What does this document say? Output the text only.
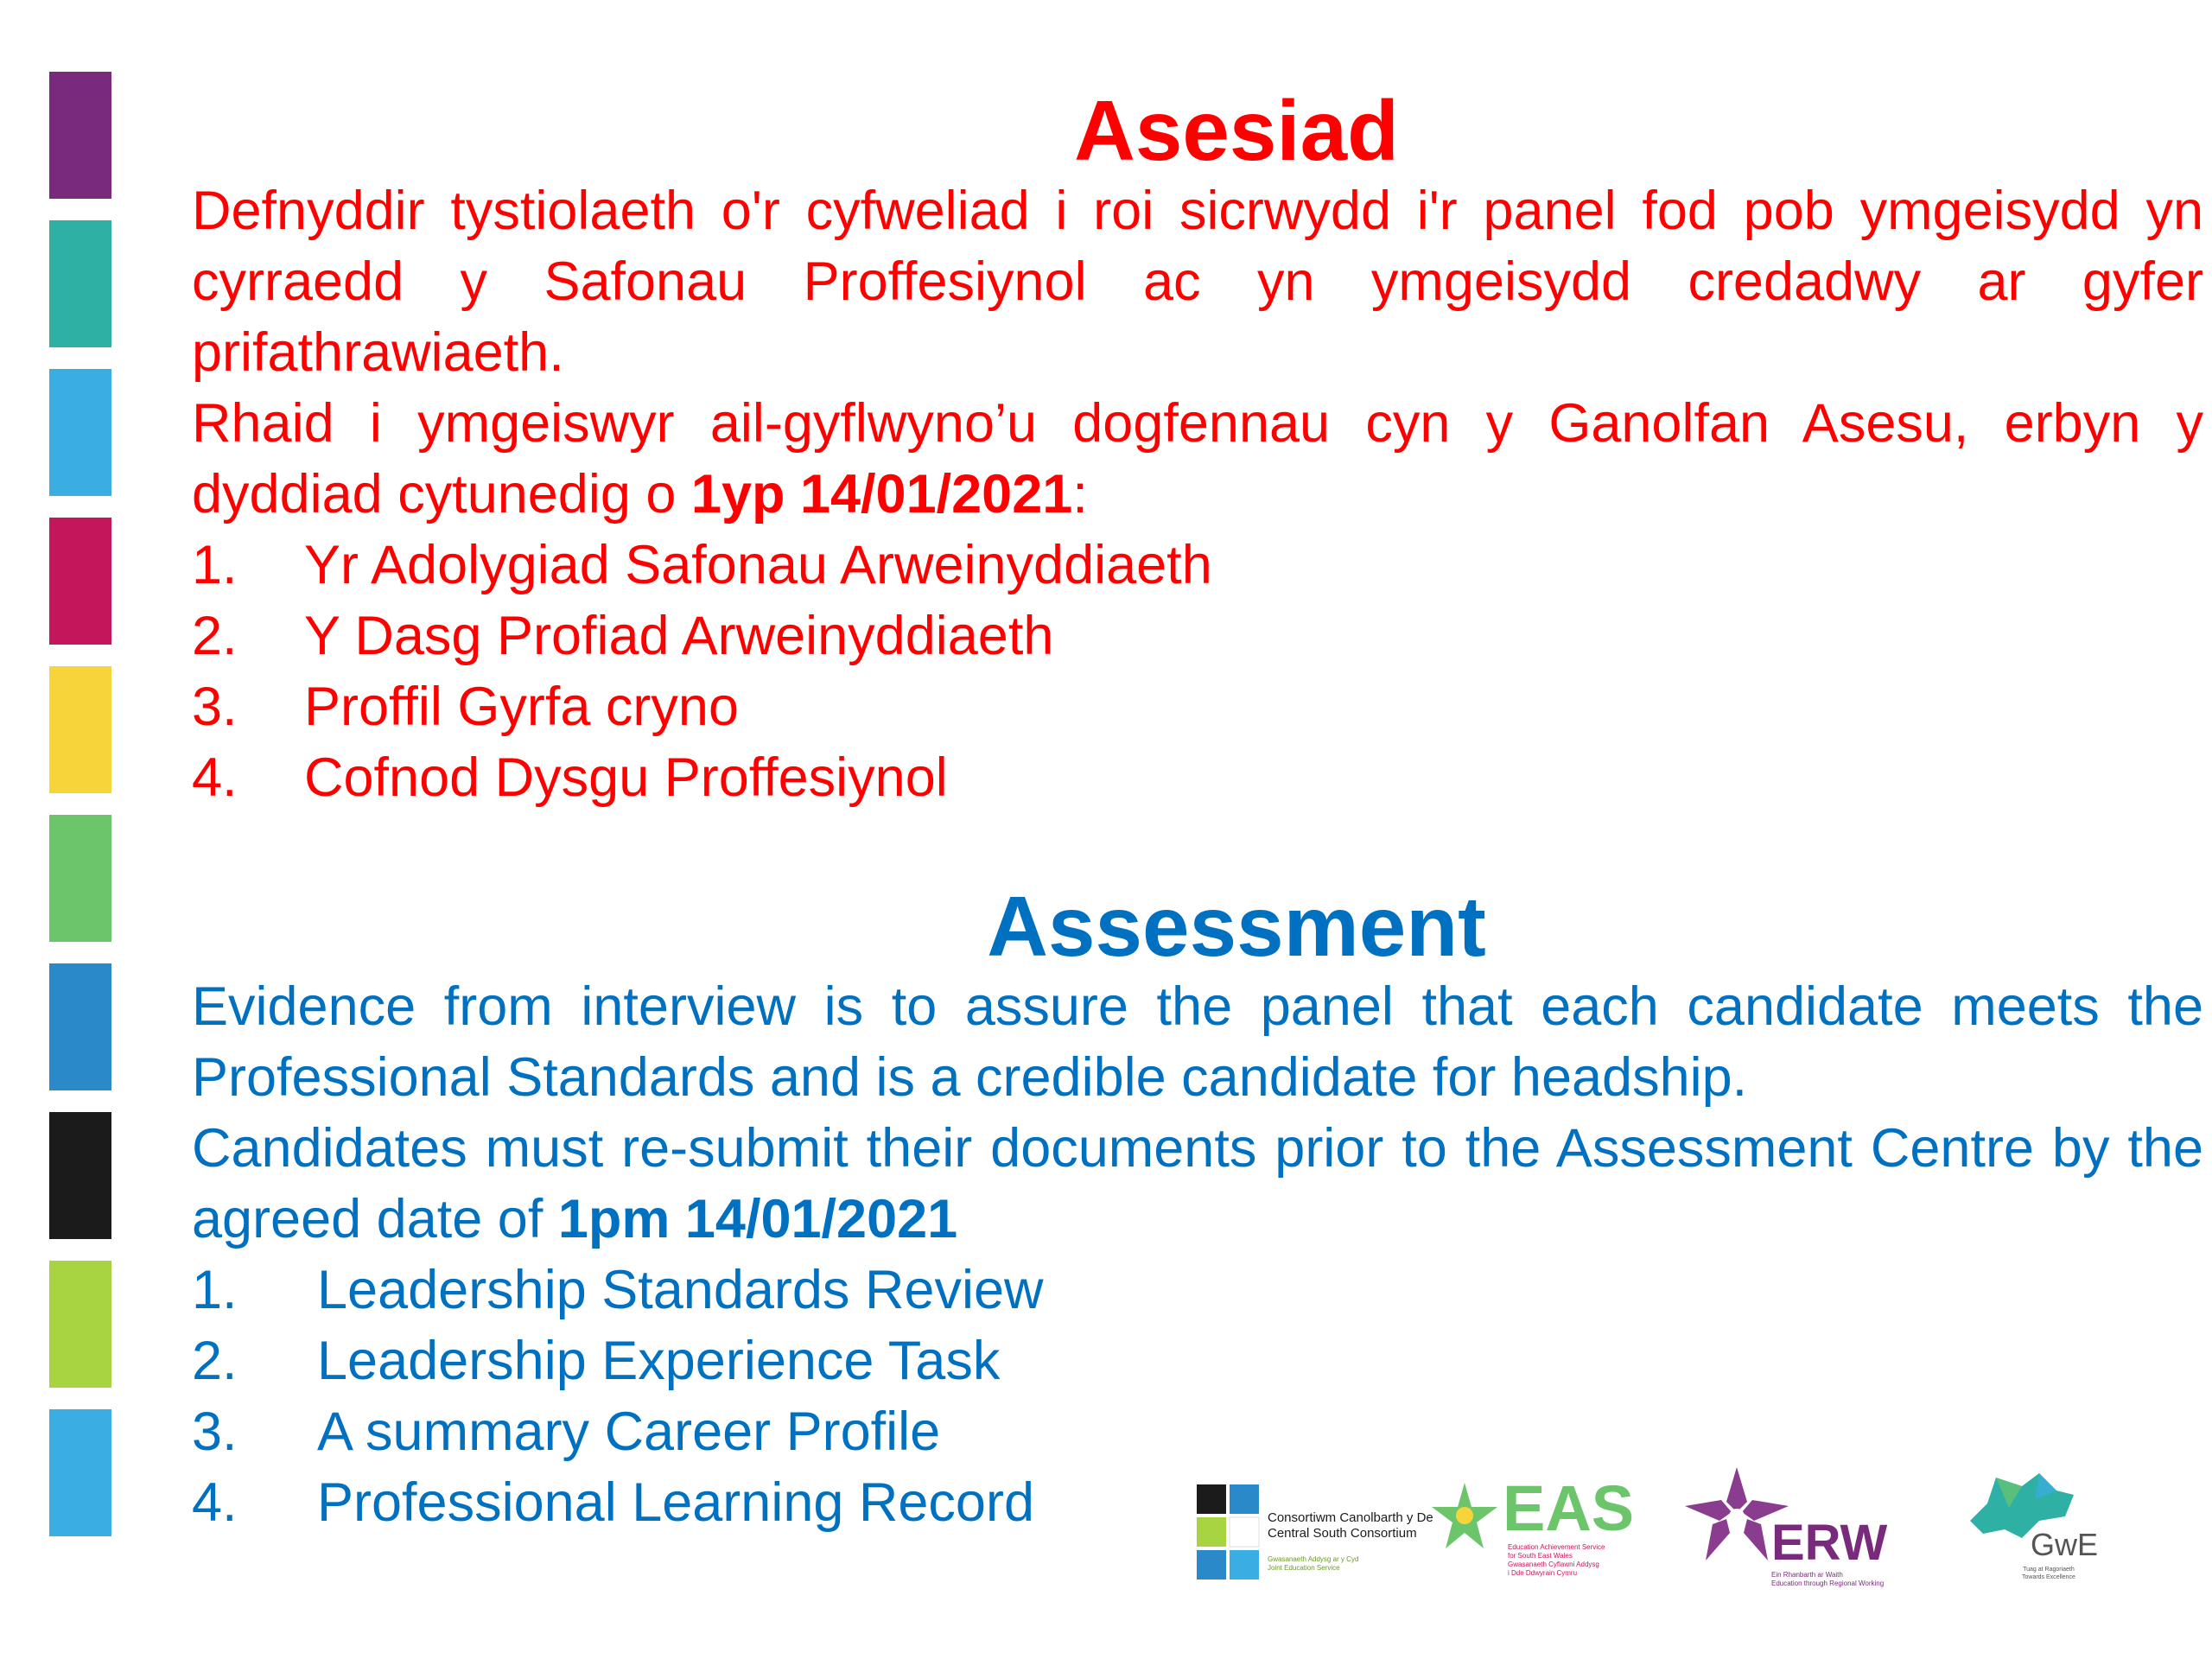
Asesiad

Defnyddir tystiolaeth o'r cyfweliad i roi sicrwydd i'r panel fod pob ymgeisydd yn cyrraedd y Safonau Proffesiynol ac yn ymgeisydd credadwy ar gyfer prifathrawiaeth.

Rhaid i ymgeiswyr ail-gyflwyno’u dogfennau cyn y Ganolfan Asesu, erbyn y dyddiad cytunedig o 1yp 14/01/2021:

1.	Yr Adolygiad Safonau Arweinyddiaeth
2.	Y Dasg Profiad Arweinyddiaeth
3.	Proffil Gyrfa cryno
4.	Cofnod Dysgu Proffesiynol
Assessment

Evidence from interview is to assure the panel that each candidate meets the Professional Standards and is a credible candidate for headship.

Candidates must re-submit their documents prior to the Assessment Centre by the agreed date of 1pm 14/01/2021

1.	Leadership Standards Review
2.	Leadership Experience Task
3.	A summary Career Profile
4.	Professional Learning Record	Consortiwm Canolbarth y De
Central South Consortium
Gwasanaeth Addysg ar y Cyd
Joint Education Service
EAS
Education Achievement Service
for South East Wales
Gwasanaeth Cyflawni Addysg
i Dde Ddwyrain Cymru
ERW
Ein Rhanbarth ar Waith
Education through Regional Working
GwE
Tuag at Ragoriaeth
Towards Excellence
